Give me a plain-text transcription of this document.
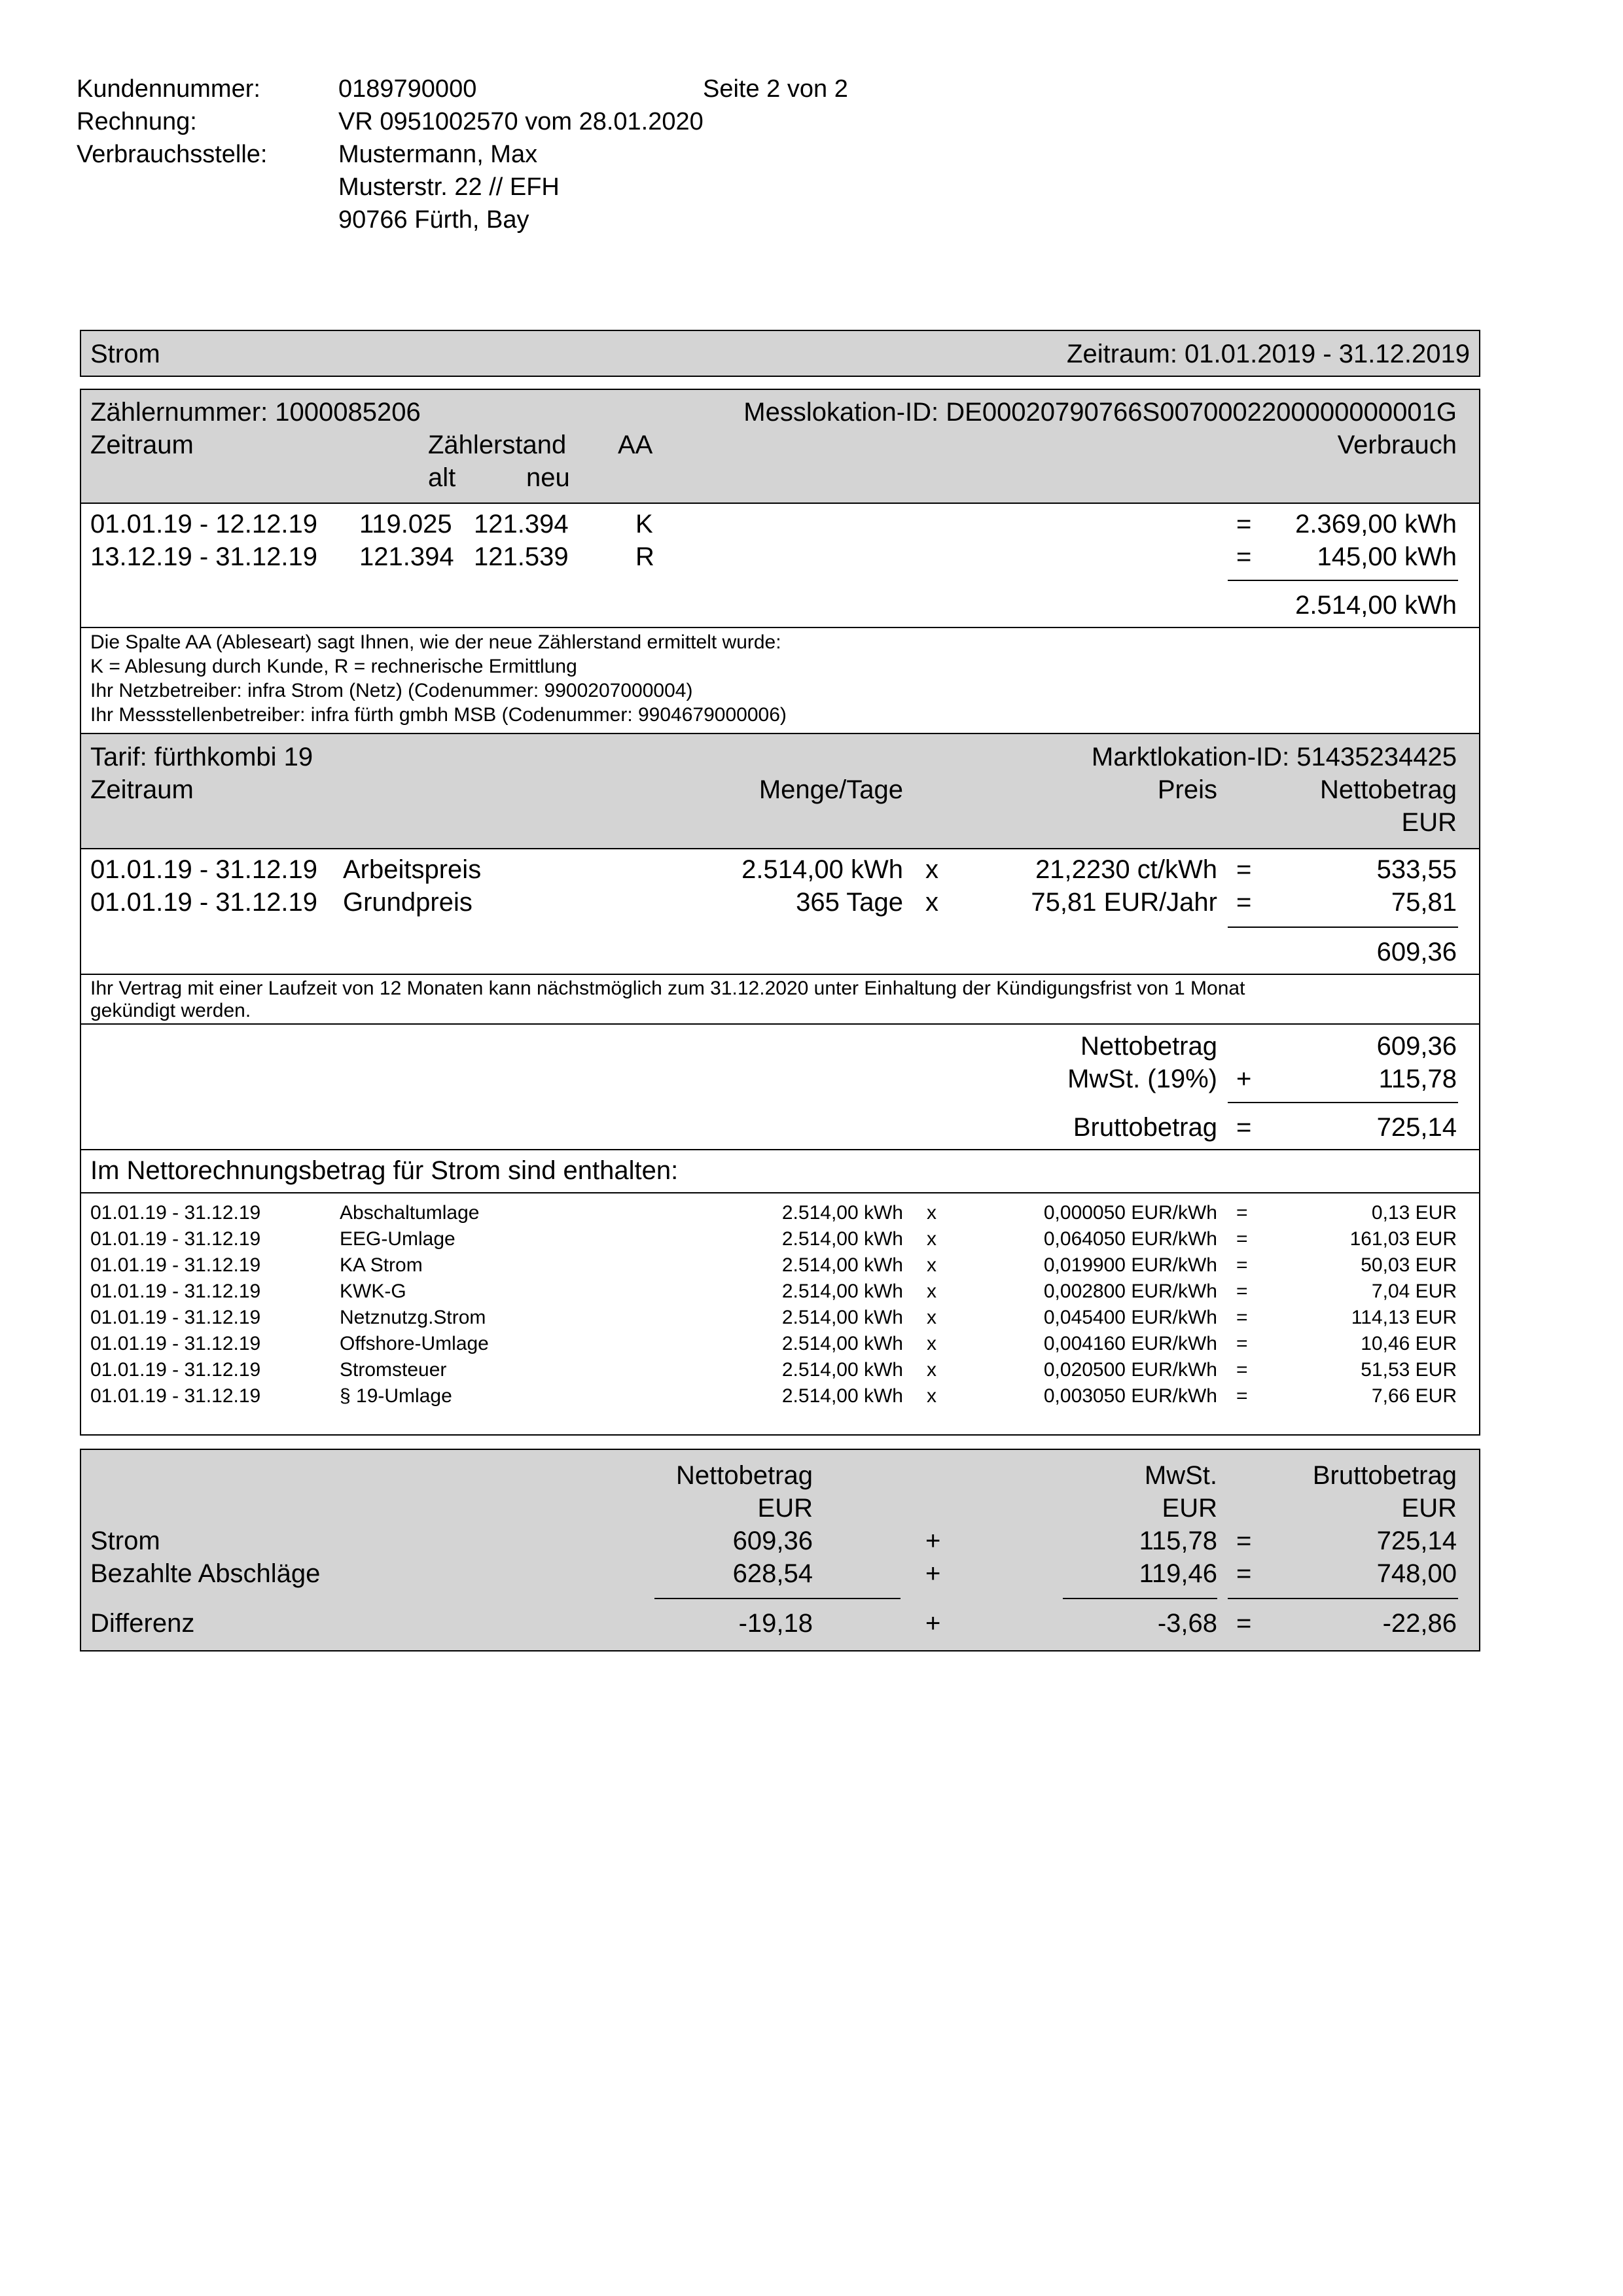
Kundennummer:	0189790000	Seite 2 von 2
Rechnung:	VR 0951002570 vom 28.01.2020
Verbrauchsstelle:	Mustermann, Max
Musterstr. 22 // EFH
90766 Fürth, Bay
Strom	Zeitraum: 01.01.2019 - 31.12.2019
Zählernummer: 1000085206	Messlokation-ID: DE00020790766S0070002200000000001G
Zeitraum	Zählerstand AA	Verbrauch
alt	neu
01.01.19 - 12.12.19 119.025 121.394	K	= 2.369,00 kWh
13.12.19 - 31.12.19 121.394 121.539	R	=	145,00 kWh
2.514,00 kWh
Die Spalte AA (Ableseart) sagt Ihnen, wie der neue Zählerstand ermittelt wurde:
K = Ablesung durch Kunde, R = rechnerische Ermittlung
Ihr Netzbetreiber: infra Strom (Netz) (Codenummer: 9900207000004)
Ihr Messstellenbetreiber: infra fürth gmbh MSB (Codenummer: 9904679000006)
Tarif: fürthkombi 19	Marktlokation-ID: 51435234425
Zeitraum	Menge/Tage	Preis	Nettobetrag
EUR
01.01.19 - 31.12.19 Arbeitspreis	2.514,00 kWh x	21,2230 ct/kWh =	533,55
01.01.19 - 31.12.19 Grundpreis	365 Tage x	75,81 EUR/Jahr =	75,81
609,36
Ihr Vertrag mit einer Laufzeit von 12 Monaten kann nächstmöglich zum 31.12.2020 unter Einhaltung der Kündigungsfrist von 1 Monat
gekündigt werden.
Nettobetrag	609,36
MwSt. (19%) +	115,78
Bruttobetrag =	725,14
Im Nettorechnungsbetrag für Strom sind enthalten:
01.01.19 - 31.12.19	Abschaltumlage	2.514,00 kWh x	0,000050 EUR/kWh =	0,13 EUR
01.01.19 - 31.12.19	EEG-Umlage	2.514,00 kWh x	0,064050 EUR/kWh =	161,03 EUR
01.01.19 - 31.12.19	KA Strom	2.514,00 kWh x	0,019900 EUR/kWh =	50,03 EUR
01.01.19 - 31.12.19	KWK-G	2.514,00 kWh x	0,002800 EUR/kWh =	7,04 EUR
01.01.19 - 31.12.19	Netznutzg.Strom	2.514,00 kWh x	0,045400 EUR/kWh =	114,13 EUR
01.01.19 - 31.12.19	Offshore-Umlage	2.514,00 kWh x	0,004160 EUR/kWh =	10,46 EUR
01.01.19 - 31.12.19	Stromsteuer	2.514,00 kWh x	0,020500 EUR/kWh =	51,53 EUR
01.01.19 - 31.12.19	§ 19-Umlage	2.514,00 kWh x	0,003050 EUR/kWh =	7,66 EUR
Nettobetrag	MwSt.	Bruttobetrag
EUR	EUR	EUR
Strom	609,36	+	115,78 =	725,14
Bezahlte Abschläge	628,54	+	119,46 =	748,00
Differenz	-19,18	+	-3,68 =	-22,86
